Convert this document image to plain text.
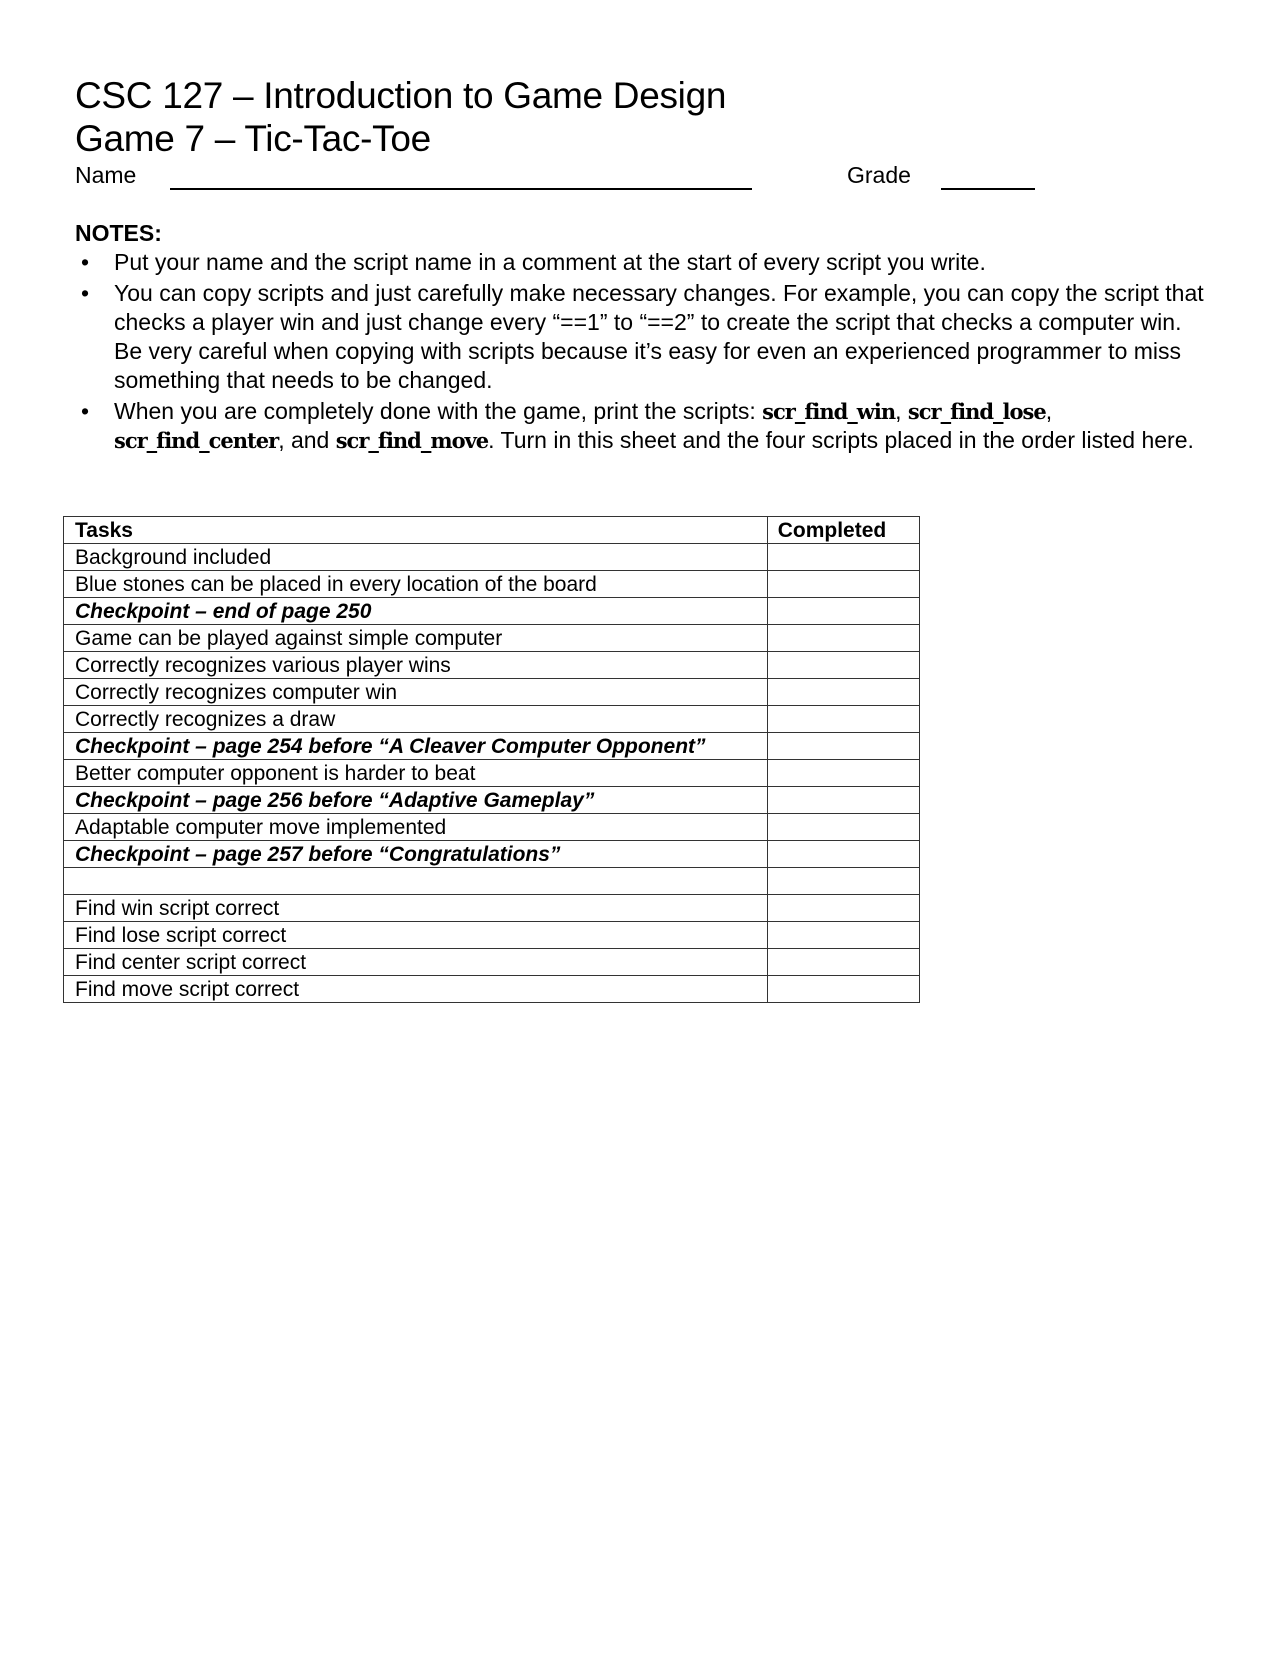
CSC 127 – Introduction to Game Design
Game 7 – Tic-Tac-Toe
Name	Grade
NOTES:
• Put your name and the script name in a comment at the start of every script you write.
• You can copy scripts and just carefully make necessary changes. For example, you can copy the script that checks a player win and just change every “==1” to “==2” to create the script that checks a computer win. Be very careful when copying with scripts because it’s easy for even an experienced programmer to miss something that needs to be changed.
• When you are completely done with the game, print the scripts: scr_find_win, scr_find_lose, scr_find_center, and scr_find_move. Turn in this sheet and the four scripts placed in the order listed here.
Tasks	Completed
Background included	
Blue stones can be placed in every location of the board	
Checkpoint – end of page 250	
Game can be played against simple computer	
Correctly recognizes various player wins	
Correctly recognizes computer win	
Correctly recognizes a draw	
Checkpoint – page 254 before “A Cleaver Computer Opponent”	
Better computer opponent is harder to beat	
Checkpoint – page 256 before “Adaptive Gameplay”	
Adaptable computer move implemented	
Checkpoint – page 257 before “Congratulations”	

Find win script correct	
Find lose script correct	
Find center script correct	
Find move script correct	
